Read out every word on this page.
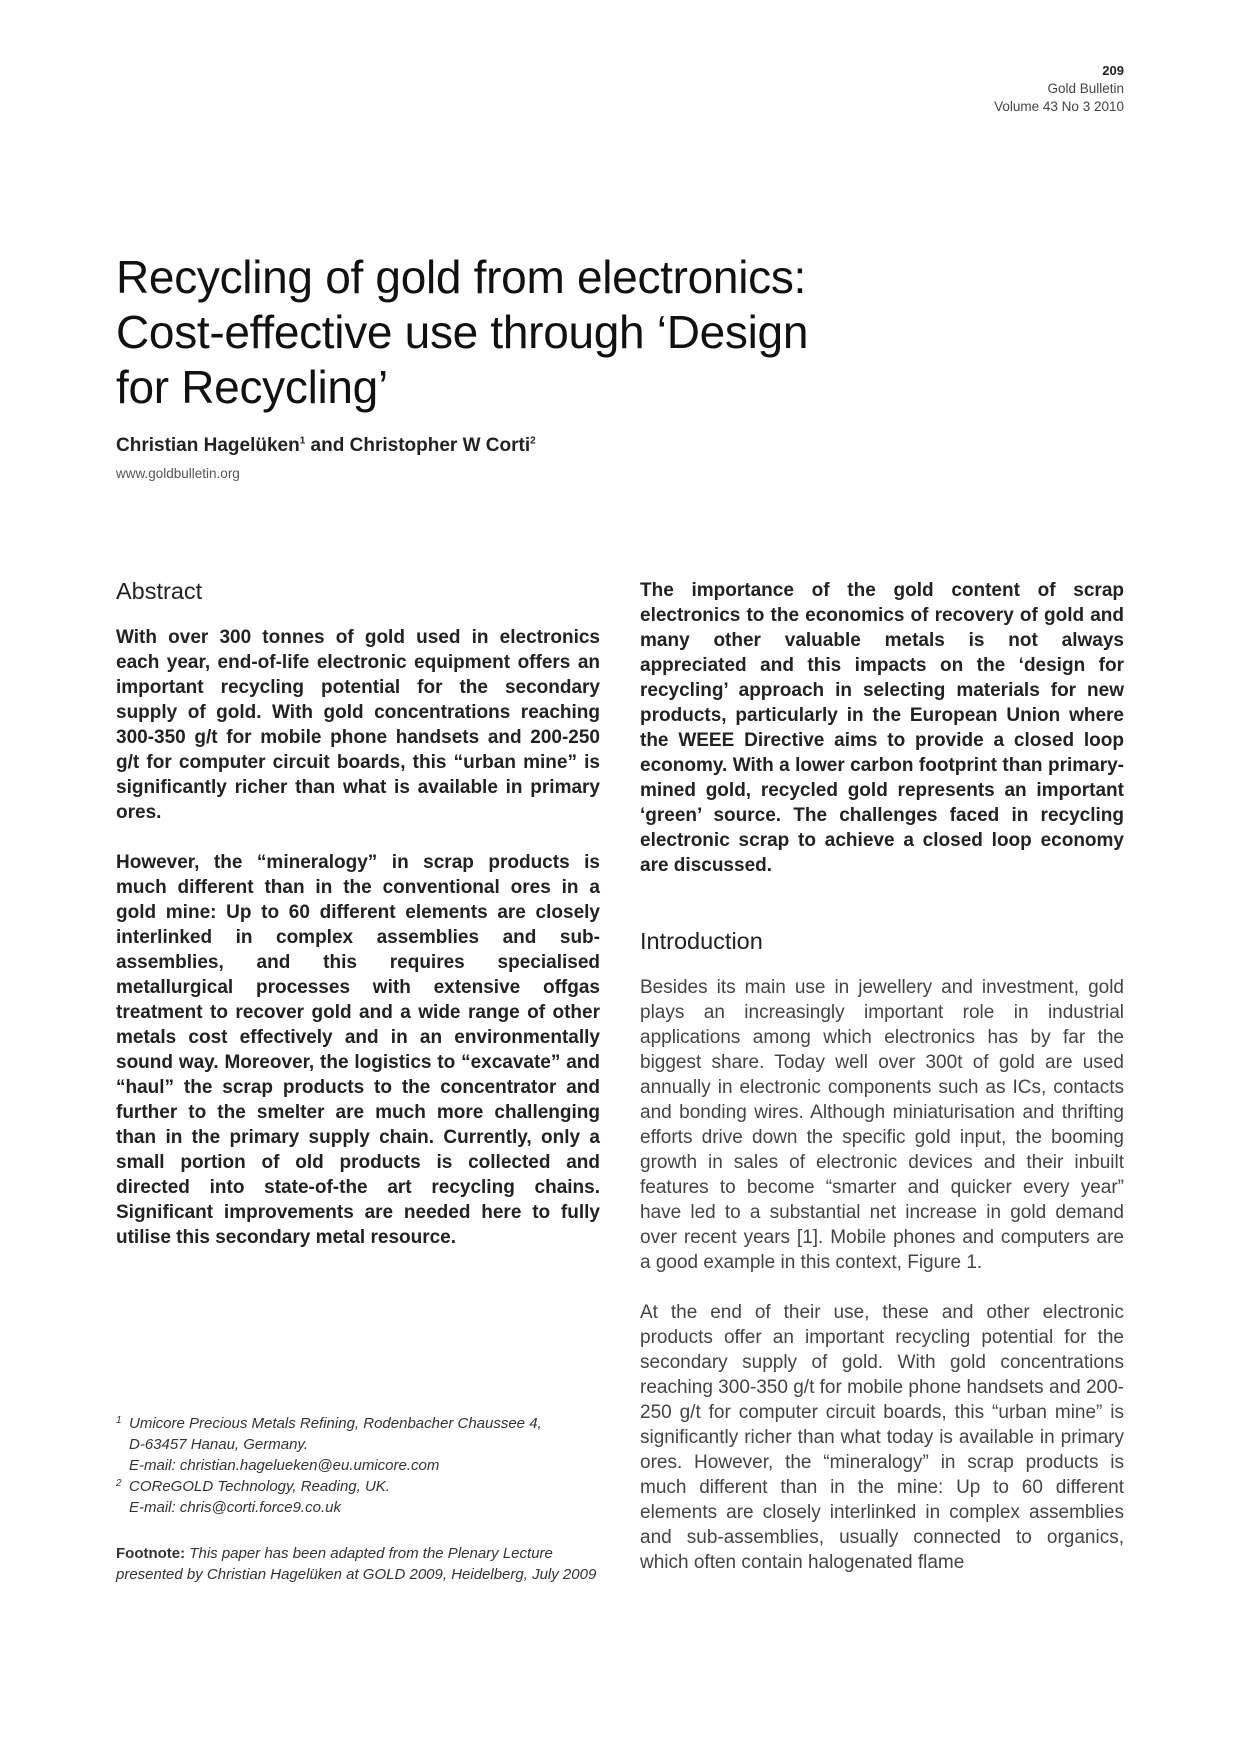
209
Gold Bulletin
Volume 43 No 3 2010
Recycling of gold from electronics:
Cost-effective use through ‘Design
for Recycling’
Christian Hagelüken$^1$ and Christopher W Corti$^2$
www.goldbulletin.org
Abstract

With over 300 tonnes of gold used in electronics each year, end-of-life electronic equipment offers an important recycling potential for the secondary supply of gold. With gold concentrations reaching 300-350 g/t for mobile phone handsets and 200-250 g/t for computer circuit boards, this “urban mine” is significantly richer than what is available in primary ores.

However, the “mineralogy” in scrap products is much different than in the conventional ores in a gold mine: Up to 60 different elements are closely interlinked in complex assemblies and sub-assemblies, and this requires specialised metallurgical processes with extensive offgas treatment to recover gold and a wide range of other metals cost effectively and in an environmentally sound way. Moreover, the logistics to “excavate” and “haul” the scrap products to the concentrator and further to the smelter are much more challenging than in the primary supply chain. Currently, only a small portion of old products is collected and directed into state-of-the art recycling chains. Significant improvements are needed here to fully utilise this secondary metal resource.

The importance of the gold content of scrap electronics to the economics of recovery of gold and many other valuable metals is not always appreciated and this impacts on the ‘design for recycling’ approach in selecting materials for new products, particularly in the European Union where the WEEE Directive aims to provide a closed loop economy. With a lower carbon footprint than primary-mined gold, recycled gold represents an important ‘green’ source. The challenges faced in recycling electronic scrap to achieve a closed loop economy are discussed.

Introduction

Besides its main use in jewellery and investment, gold plays an increasingly important role in industrial applications among which electronics has by far the biggest share. Today well over 300t of gold are used annually in electronic components such as ICs, contacts and bonding wires. Although miniaturisation and thrifting efforts drive down the specific gold input, the booming growth in sales of electronic devices and their inbuilt features to become “smarter and quicker every year” have led to a substantial net increase in gold demand over recent years [1]. Mobile phones and computers are a good example in this context, Figure 1.

At the end of their use, these and other electronic products offer an important recycling potential for the secondary supply of gold. With gold concentrations reaching 300-350 g/t for mobile phone handsets and 200-250 g/t for computer circuit boards, this “urban mine” is significantly richer than what today is available in primary ores. However, the “mineralogy” in scrap products is much different than in the mine: Up to 60 different elements are closely interlinked in complex assemblies and sub-assemblies, usually connected to organics, which often contain halogenated flame

1 Umicore Precious Metals Refining, Rodenbacher Chaussee 4,
D-63457 Hanau, Germany.
E-mail: christian.hagelueken@eu.umicore.com
2 COReGOLD Technology, Reading, UK.
E-mail: chris@corti.force9.co.uk
Footnote: This paper has been adapted from the Plenary Lecture presented by Christian Hagelüken at GOLD 2009, Heidelberg, July 2009
